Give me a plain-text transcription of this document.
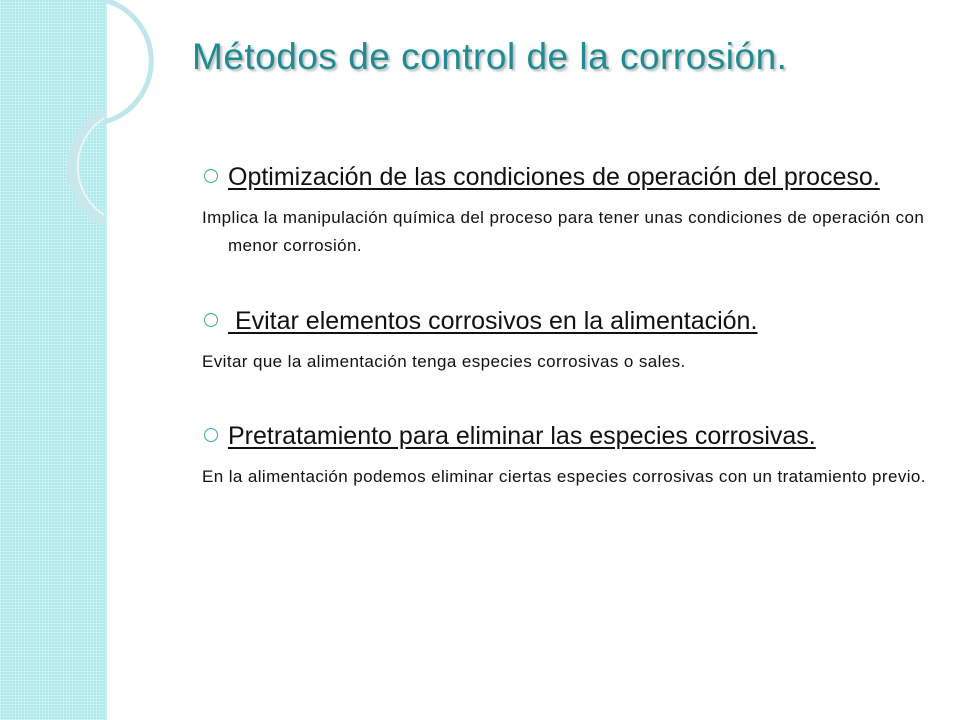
Métodos de control de la corrosión.
Optimización de las condiciones de operación del proceso.
Implica la manipulación química del proceso para tener unas condiciones de operación con menor corrosión.
Evitar elementos corrosivos en la alimentación.
Evitar que la alimentación tenga especies corrosivas o sales.
Pretratamiento para eliminar las especies corrosivas.
En la alimentación podemos eliminar ciertas especies corrosivas con un tratamiento previo.
